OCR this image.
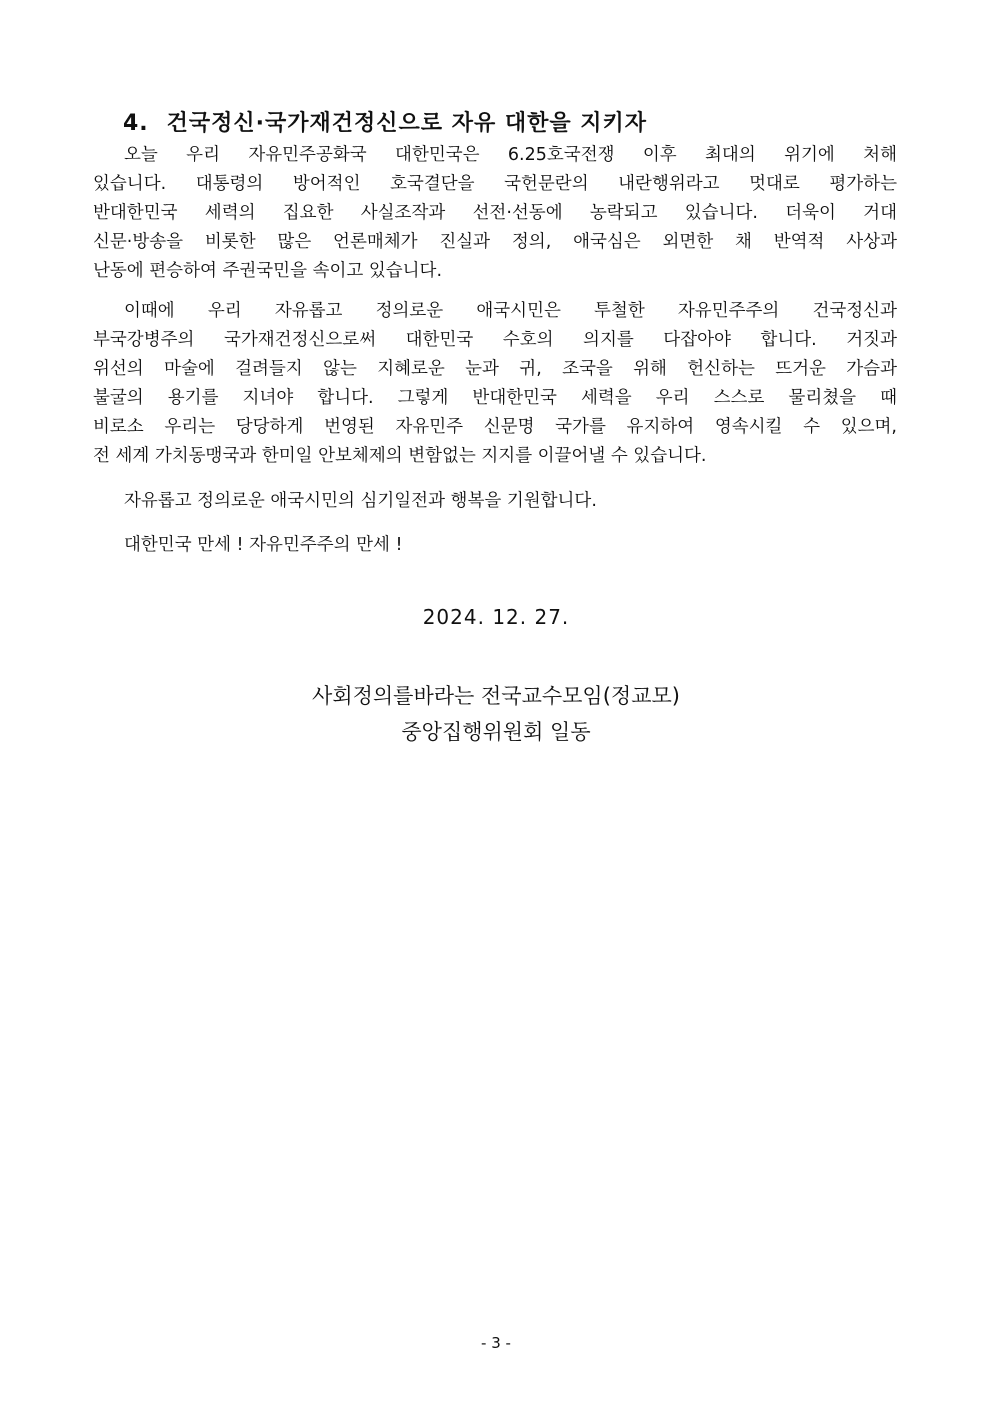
4. 건국정신·국가재건정신으로 자유 대한을 지키자
오늘 우리 자유민주공화국 대한민국은 6.25호국전쟁 이후 최대의 위기에 처해
있습니다. 대통령의 방어적인 호국결단을 국헌문란의 내란행위라고 멋대로 평가하는
반대한민국 세력의 집요한 사실조작과 선전·선동에 농락되고 있습니다. 더욱이 거대
신문·방송을 비롯한 많은 언론매체가 진실과 정의, 애국심은 외면한 채 반역적 사상과
난동에 편승하여 주권국민을 속이고 있습니다.
이때에 우리 자유롭고 정의로운 애국시민은 투철한 자유민주주의 건국정신과
부국강병주의 국가재건정신으로써 대한민국 수호의 의지를 다잡아야 합니다. 거짓과
위선의 마술에 걸려들지 않는 지혜로운 눈과 귀, 조국을 위해 헌신하는 뜨거운 가슴과
불굴의 용기를 지녀야 합니다. 그렇게 반대한민국 세력을 우리 스스로 물리쳤을 때
비로소 우리는 당당하게 번영된 자유민주 신문명 국가를 유지하여 영속시킬 수 있으며,
전 세계 가치동맹국과 한미일 안보체제의 변함없는 지지를 이끌어낼 수 있습니다.
자유롭고 정의로운 애국시민의 심기일전과 행복을 기원합니다.
대한민국 만세 ! 자유민주주의 만세 !
2024. 12. 27.
사회정의를바라는 전국교수모임(정교모)
중앙집행위원회 일동
- 3 -
